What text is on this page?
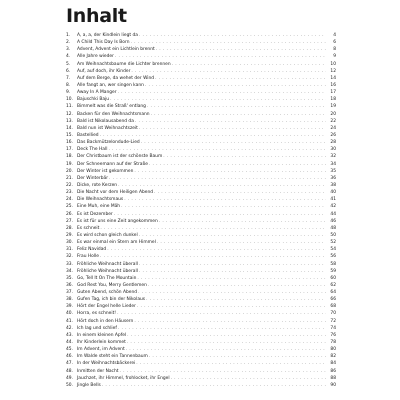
Inhalt
1.	A, a, a, der Kindlein liegt da . . .	4
2.	A Child This Day Is Born . . .	6
3.	Advent, Advent ein Lichtlein brennt . . .	8
4.	Alle Jahre wieder . . .	9
5.	Am Weihnachtsbaume die Lichter brennen . . .	10
6.	Auf, auf doch, ihr Kinder . . .	12
7.	Auf dem Berge, da wehet der Wind . . .	14
8.	Alle fangt an, wer singen kann . . .	16
9.	Away In A Manger . . .	17
10. Bajuschki Baju . . .	18
11. Bimmelt was die Straß' entlang . . .	19
12. Backen für den Weihnachtsmann . . .	20
13. Bald ist Nikolausabend da . . .	22
14. Bald nun ist Weihnachtszeit . . .	24
15. Bastellied . . .	26
16. Das Backmützelondude-Lied . . .	28
17. Deck The Hall . . .	30
18. Der Christbaum ist der schönste Baum . . .	32
19. Der Schneemann auf der Straße . . .	34
20. Der Winter ist gekommen . . .	35
21. Der Winterbär . . .	36
22. Dicke, rote Kerzen . . .	38
23. Die Nacht vor dem Heiligen Abend . . .	40
24. Die Weihnachtsmaus . . .	41
25. Eine Muh, eine Mäh . . .	42
26. Es ist Dezember . . .	44
27. Es ist für uns eine Zeit angekommen . . .	46
28. Es schneit . . .	48
29. Es wird schon gleich dunkel . . .	50
30. Es war einmal ein Stern am Himmel . . .	52
31. Feliz Navidad . . .	54
32. Frau Holle . . .	56
33. Fröhliche Weihnacht überall . . .	58
34. Fröhliche Weihnacht überall . . .	59
35. Go, Tell It On The Mountain . . .	60
36. God Rest You, Merry Gentlemen . . .	62
37. Guten Abend, schön Abend . . .	64
38. Gufen Tag, ich bin der Nikolaus . . .	66
39. Hört der Engel helle Lieder . . .	68
40. Horra, es schneit! . . .	70
41. Hört doch in den Häusern . . .	72
42. Ich lag und schlief . . .	74
43. In einem kleinen Apfel . . .	76
44. Ihr Kinderlein kommet . . .	78
45. Im Advent, im Advent . . .	80
46. Im Walde steht ein Tannenbaum . . .	82
47. In der Weihnachtsbäckerei . . .	84
48. Inmitten der Nacht . . .	86
49. Jauchzet, ihr Himmel, frohlocket, ihr Engel . . .	88
50. Jingle Bells . . .	90
